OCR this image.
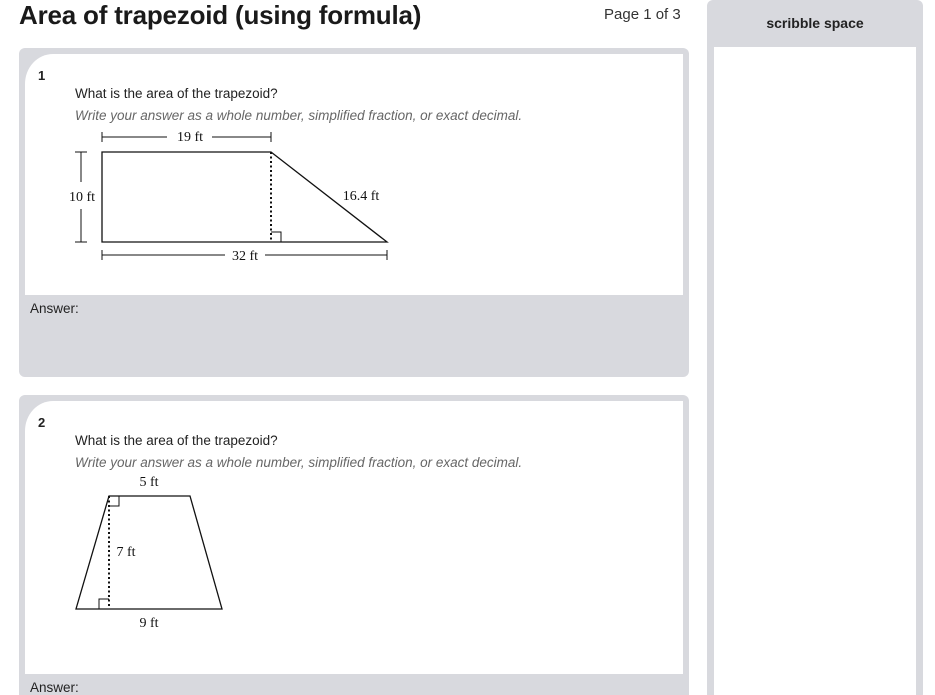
Area of trapezoid (using formula)	Page 1 of 3
1
What is the area of the trapezoid?
Write your answer as a whole number, simplified fraction, or exact decimal.
19 ft
10 ft	16.4 ft
32 ft
Answer:
2
What is the area of the trapezoid?
Write your answer as a whole number, simplified fraction, or exact decimal.
5 ft
7 ft
9 ft
Answer:
scribble space
